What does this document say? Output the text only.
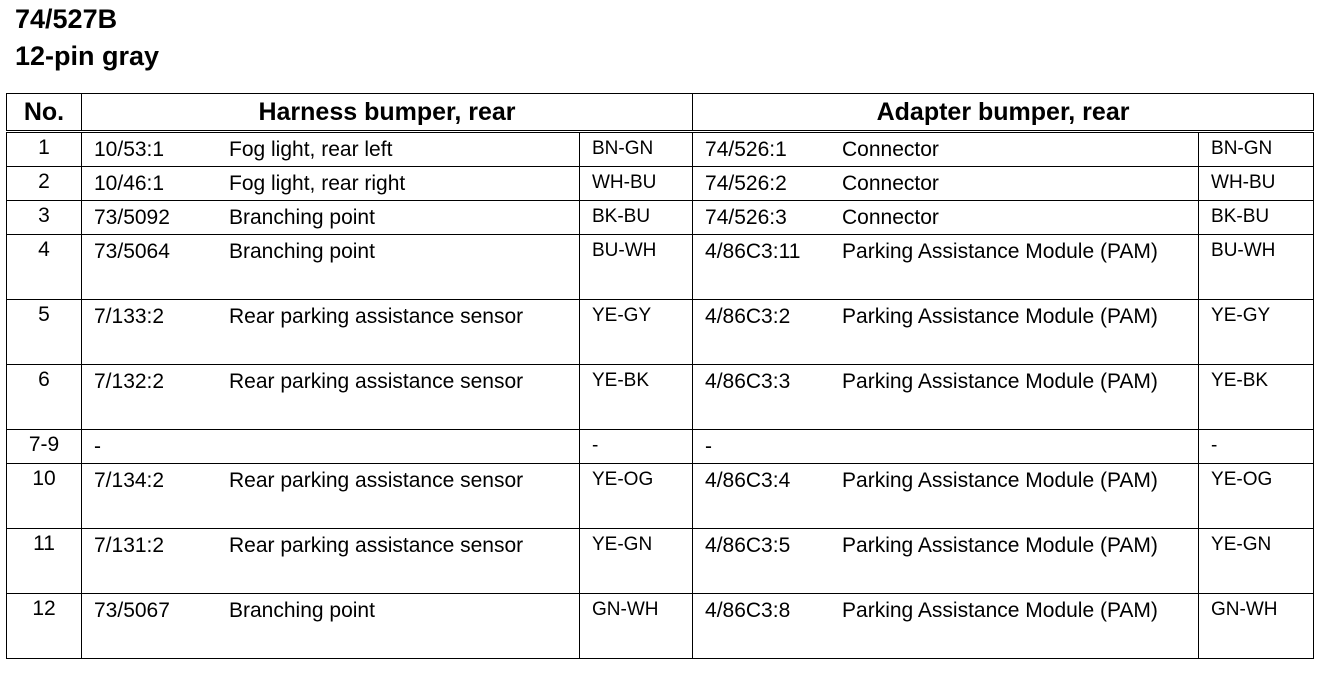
74/527B
12-pin gray
No.	Harness bumper, rear		Adapter bumper, rear	
1	10/53:1 Fog light, rear left	BN-GN	74/526:1 Connector	BN-GN

2	10/46:1 Fog light, rear right	WH-BU	74/526:2 Connector	WH-BU

3	73/5092 Branching point	BK-BU	74/526:3 Connector	BK-BU

4	73/5064 Branching point	BU-WH	4/86C3:11 Parking Assistance Module (PAM)	BU-WH

5	7/133:2 Rear parking assistance sensor	YE-GY	4/86C3:2 Parking Assistance Module (PAM)	YE-GY

6	7/132:2 Rear parking assistance sensor	YE-BK	4/86C3:3 Parking Assistance Module (PAM)	YE-BK

7-9	-	-	-	-

10	7/134:2 Rear parking assistance sensor	YE-OG	4/86C3:4 Parking Assistance Module (PAM)	YE-OG

11	7/131:2 Rear parking assistance sensor	YE-GN	4/86C3:5 Parking Assistance Module (PAM)	YE-GN

12	73/5067 Branching point	GN-WH	4/86C3:8 Parking Assistance Module (PAM)	GN-WH
